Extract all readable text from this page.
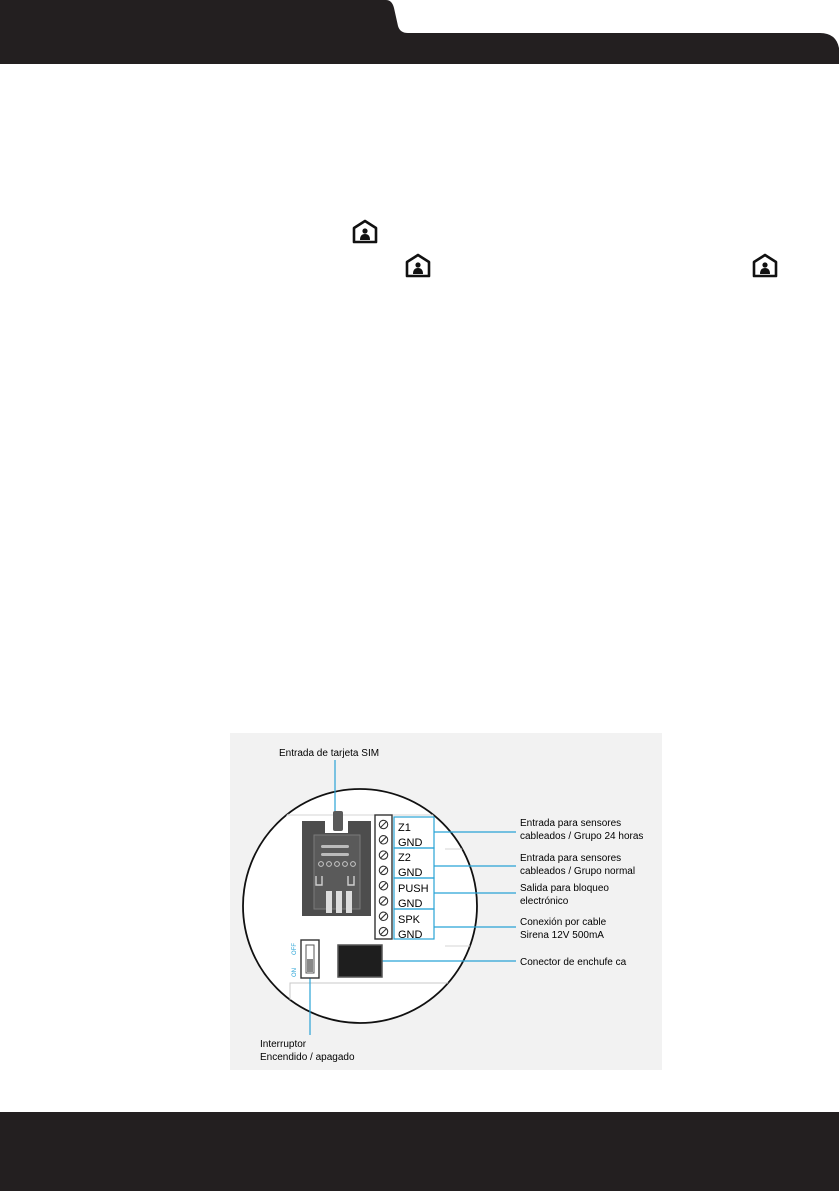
Z1
GND
Z2
GND
PUSH
GND
SPK
GND
Entrada para sensores
cableados / Grupo 24 horas
Entrada para sensores
cableados / Grupo normal
Salida para bloqueo
electrónico
Conexión por cable
Sirena 12V 500mA
Conector de enchufe ca
OFF
ON
Entrada de tarjeta SIM
Interruptor
Encendido / apagado
